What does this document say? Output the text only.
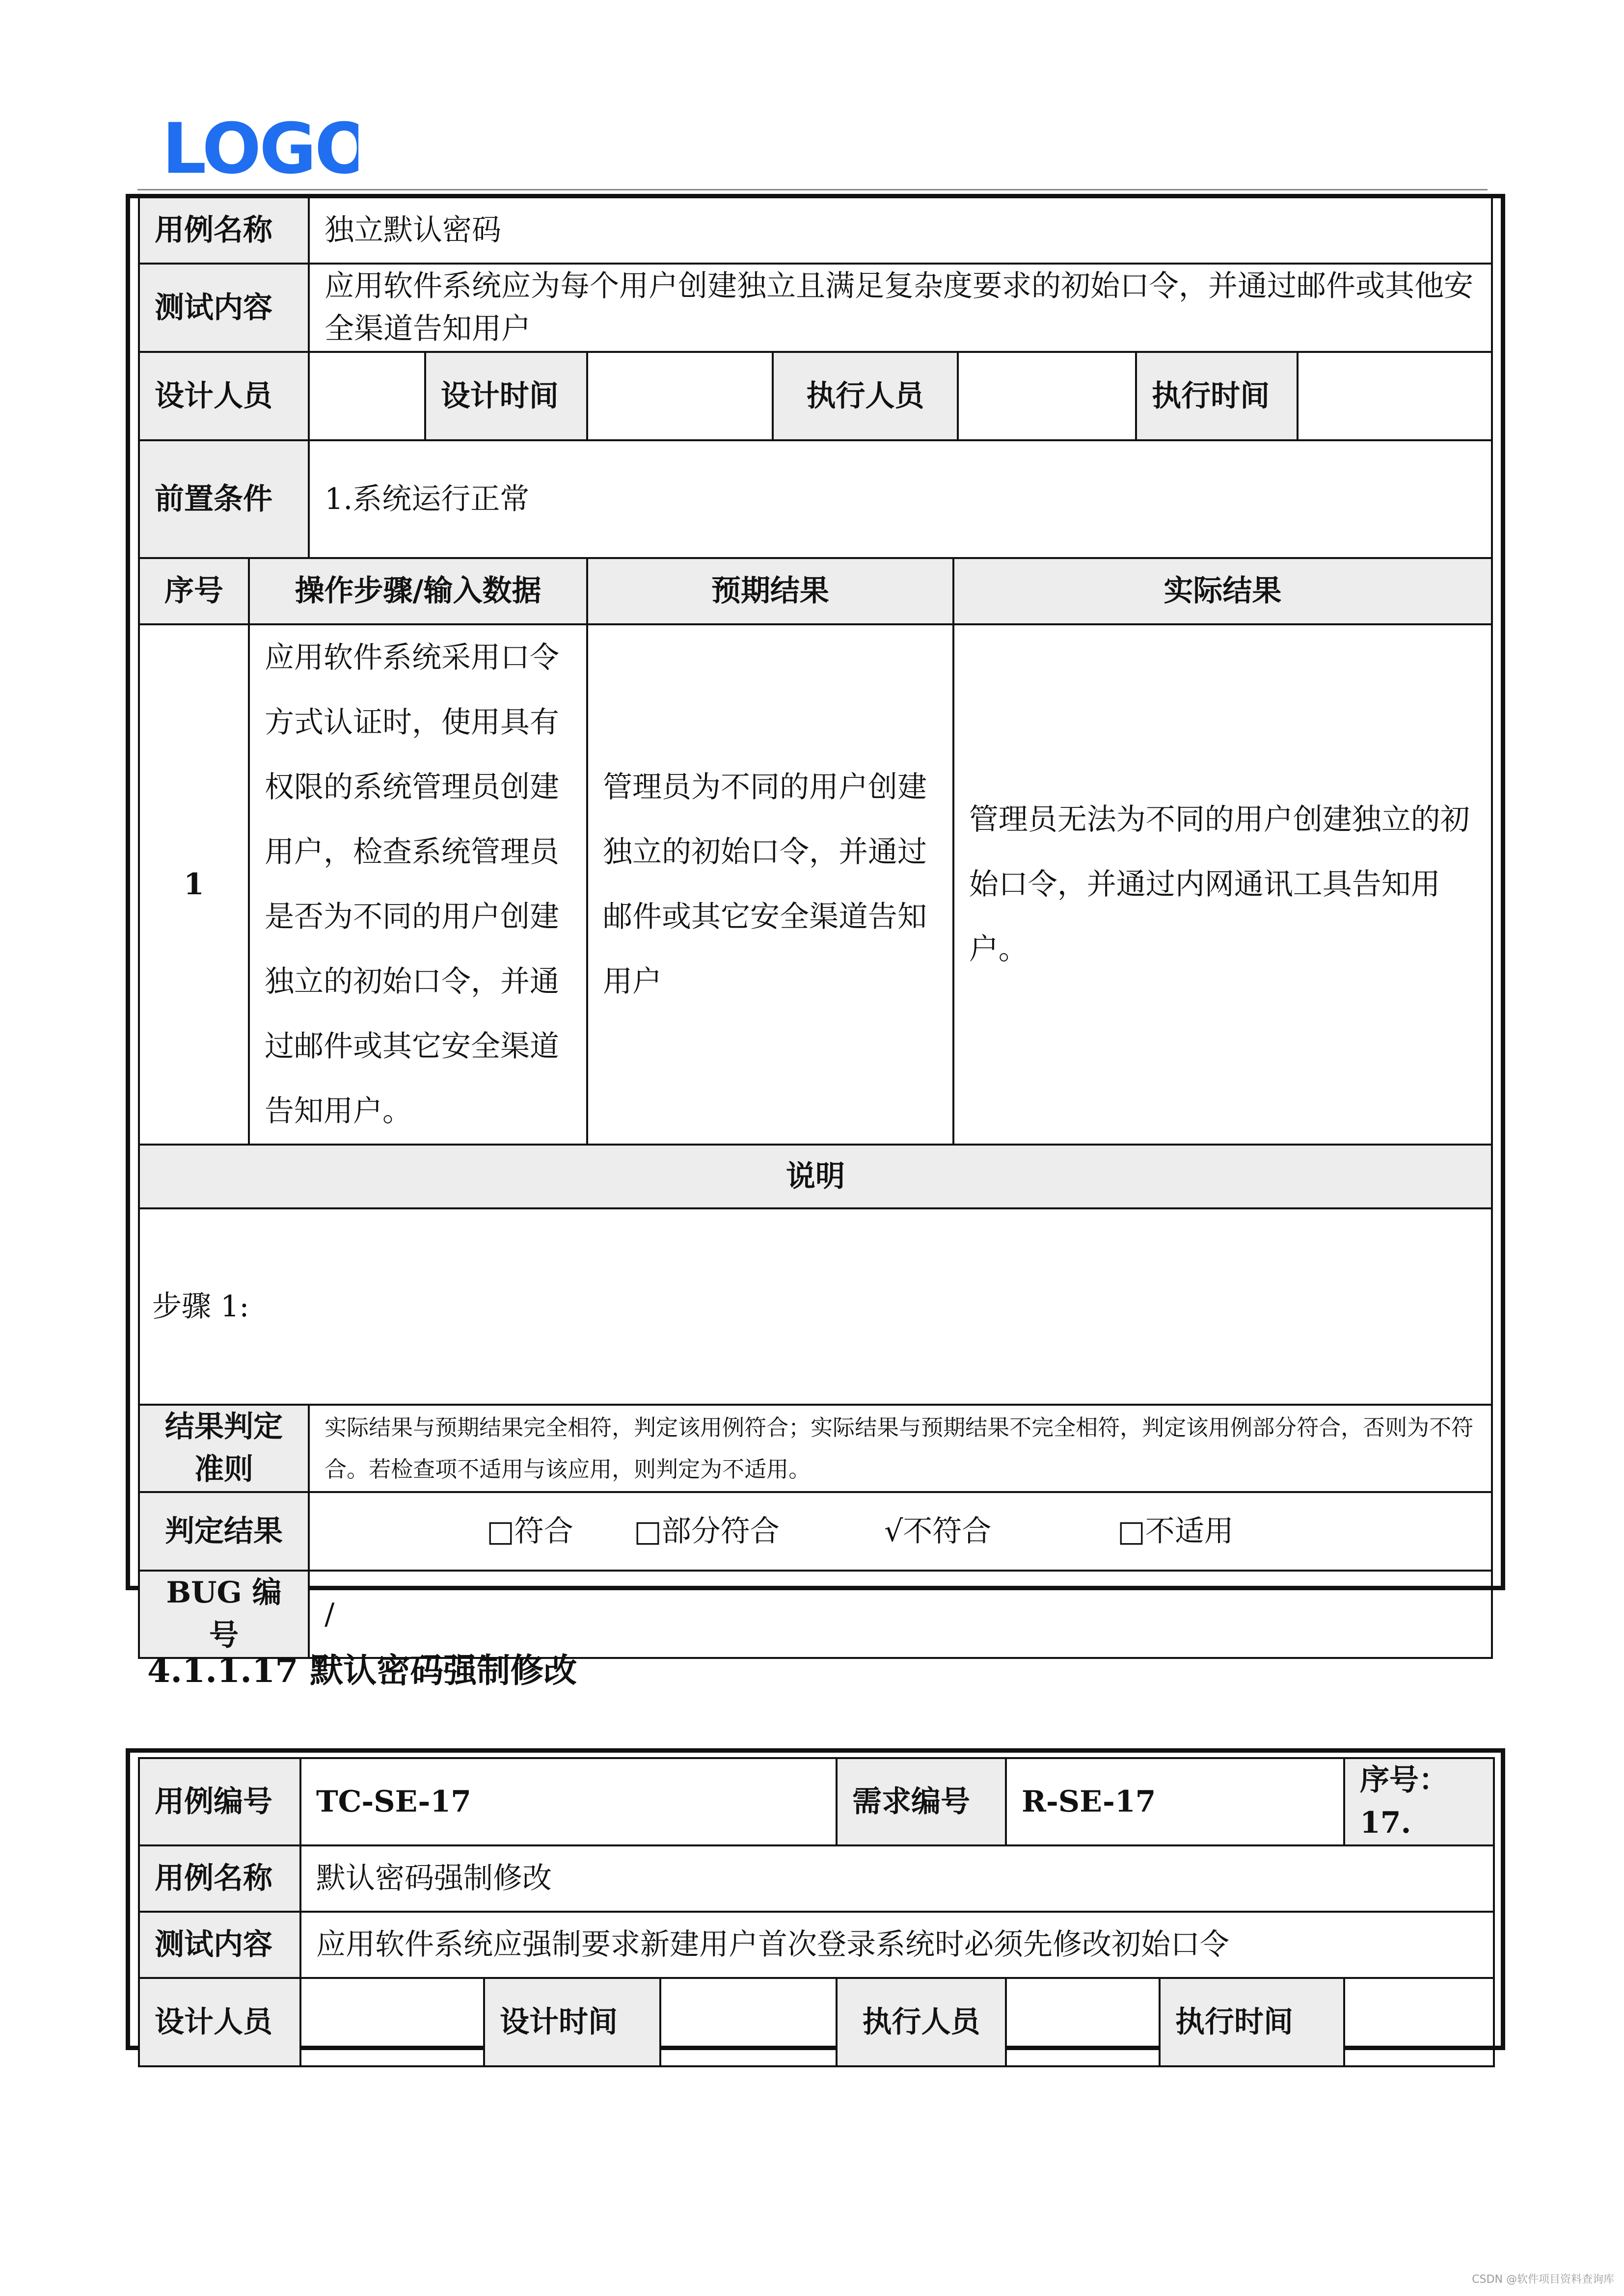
LOGO
用例名称		独立默认密码							
测试内容		应用软件系统应为每个用户创建独立且满足复杂度要求的初始口令，并通过邮件或其他安全渠道告知用户							
设计人员			设计时间		执行人员			执行时间	
前置条件		1.系统运行正常							
序号	操作步骤/输入数据			预期结果		实际结果			
1	应用软件系统采用口令方式认证时，使用具有权限的系统管理员创建用户，检查系统管理员是否为不同的用户创建独立的初始口令，并通过邮件或其它安全渠道告知用户。			管理员为不同的用户创建独立的初始口令，并通过邮件或其它安全渠道告知用户		管理员无法为不同的用户创建独立的初始口令，并通过内网通讯工具告知用户。			
说明									
步骤 1:									
结果判定准则		实际结果与预期结果完全相符，判定该用例符合；实际结果与预期结果不完全相符，判定该用例部分符合，否则为不符合。若检查项不适用与该应用，则判定为不适用。							
判定结果		□符合 □部分符合 √不符合 □不适用							
BUG 编号		/							
4.1.1.17 默认密码强制修改
用例编号	TC-SE-17			需求编号	R-SE-17		序号：17.
用例名称	默认密码强制修改						
测试内容	应用软件系统应强制要求新建用户首次登录系统时必须先修改初始口令						
设计人员		设计时间		执行人员		执行时间	
CSDN @软件项目资料查询库
